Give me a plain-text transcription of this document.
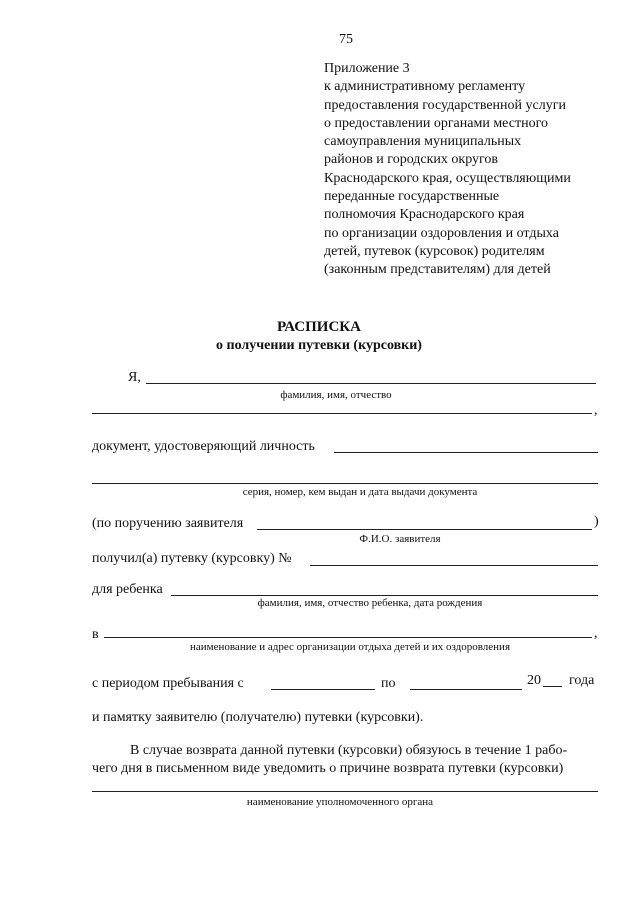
75
Приложение 3
к административному регламенту
предоставления государственной услуги
о предоставлении органами местного
самоуправления муниципальных
районов и городских округов
Краснодарского края, осуществляющими
переданные государственные
полномочия Краснодарского края
по организации оздоровления и отдыха
детей, путевок (курсовок) родителям
(законным представителям) для детей
РАСПИСКА
о получении путевки (курсовки)
Я,
фамилия, имя, отчество
,
документ, удостоверяющий личность
серия, номер, кем выдан и дата выдачи документа
(по поручению заявителя	)
Ф.И.О. заявителя
получил(а) путевку (курсовку) №
для ребенка
фамилия, имя, отчество ребенка, дата рождения
в	,
наименование и адрес организации отдыха детей и их оздоровления
с периодом пребывания с	по	20 года
и памятку заявителю (получателю) путевки (курсовки).
В случае возврата данной путевки (курсовки) обязуюсь в течение 1 рабо-
чего дня в письменном виде уведомить о причине возврата путевки (курсовки)
наименование уполномоченного органа
